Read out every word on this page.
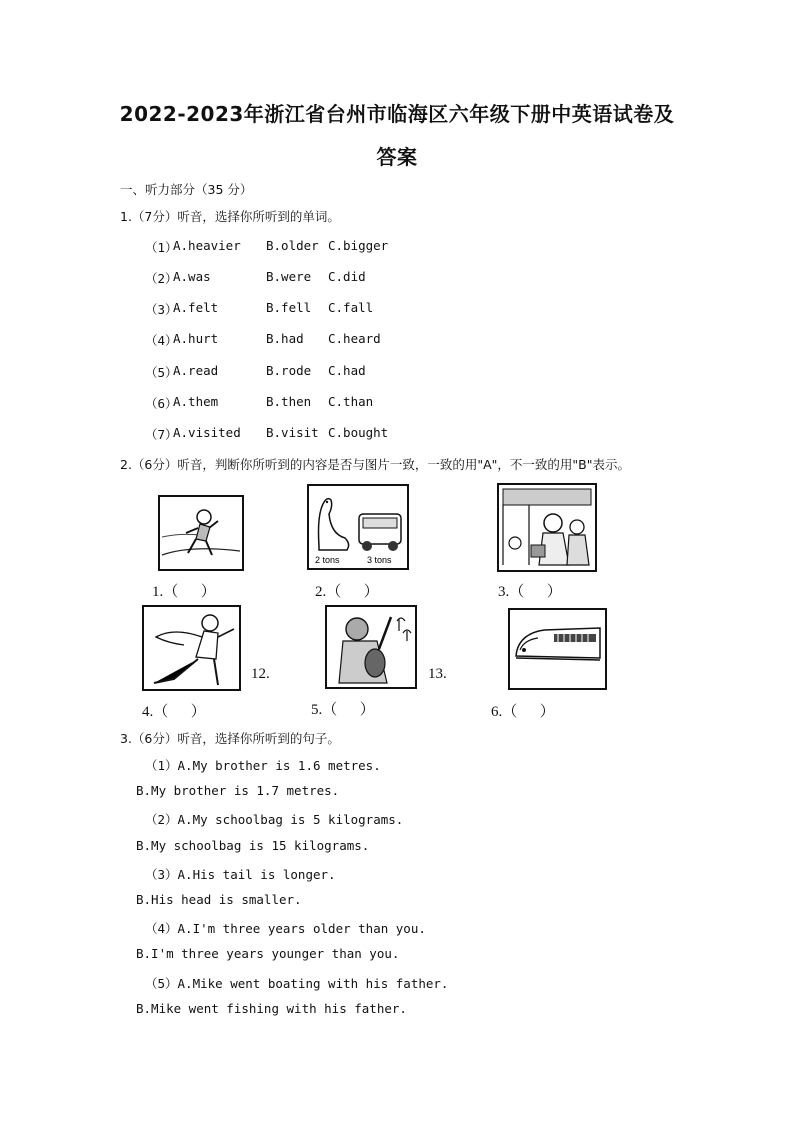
2022-2023年浙江省台州市临海区六年级下册中英语试卷及
答案
一、听力部分（35 分）
1.（7分）听音，选择你所听到的单词。
（1）
A.heavier B.older C.bigger
（2）
A.was	B.were C.did
（3）
A.felt	B.fell C.fall
（4）
A.hurt	B.had C.heard
（5）
A.read	B.rode C.had
（6）
A.them	B.then C.than
（7）
A.visited B.visit C.bought
2.（6分）听音，判断你所听到的内容是否与图片一致，一致的用"A"，不一致的用"B"表示。
2 tons	3 tons
1.（      ）	2.（      ）	3.（      ）
12.	13.
4.（      ）	5.（      ）	6.（      ）
3.（6分）听音，选择你所听到的句子。
（1）A.My brother is 1.6 metres.
B.My brother is 1.7 metres.
（2）A.My schoolbag is 5 kilograms.
B.My schoolbag is 15 kilograms.
（3）A.His tail is longer.
B.His head is smaller.
（4）A.I'm three years older than you.
B.I'm three years younger than you.
（5）A.Mike went boating with his father.
B.Mike went fishing with his father.
